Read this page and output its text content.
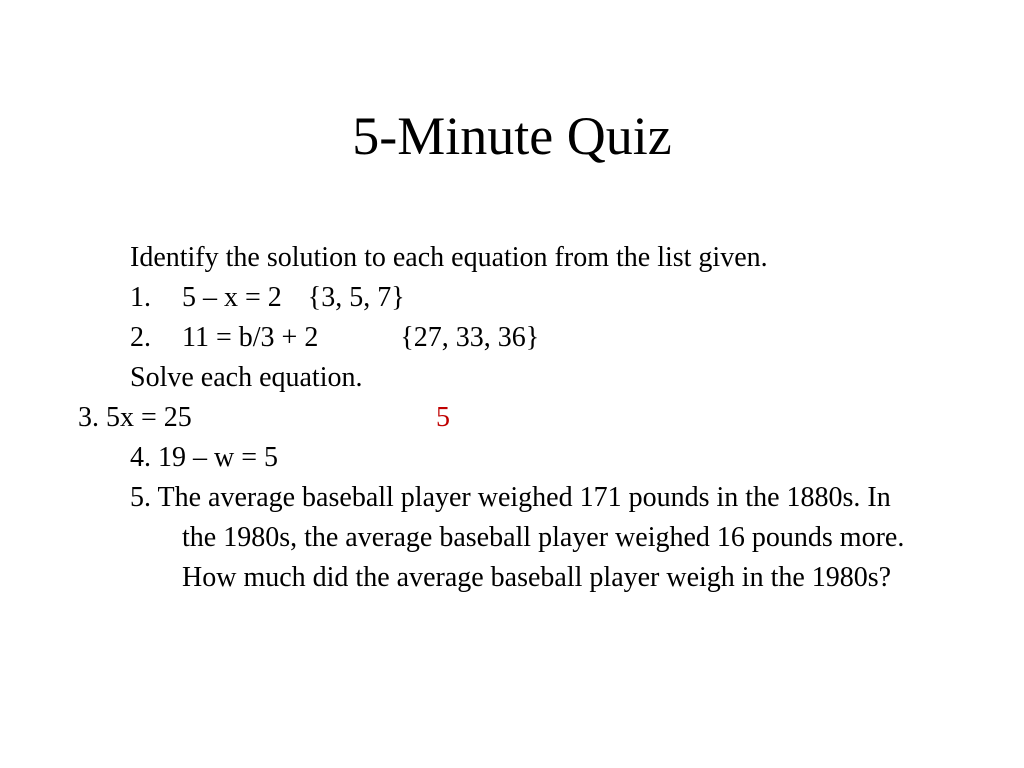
5-Minute Quiz

Identify the solution to each equation from the list given.

1. 5 – x = 2 {3, 5, 7}

2. 11 = b/3 + 2	{27, 33, 36}

Solve each equation.

3. 5x = 25	5

4. 19 – w = 5

5. The average baseball player weighed 171 pounds in the 1880s. In the 1980s, the average baseball player weighed 16 pounds more. How much did the average baseball player weigh in the 1980s?
